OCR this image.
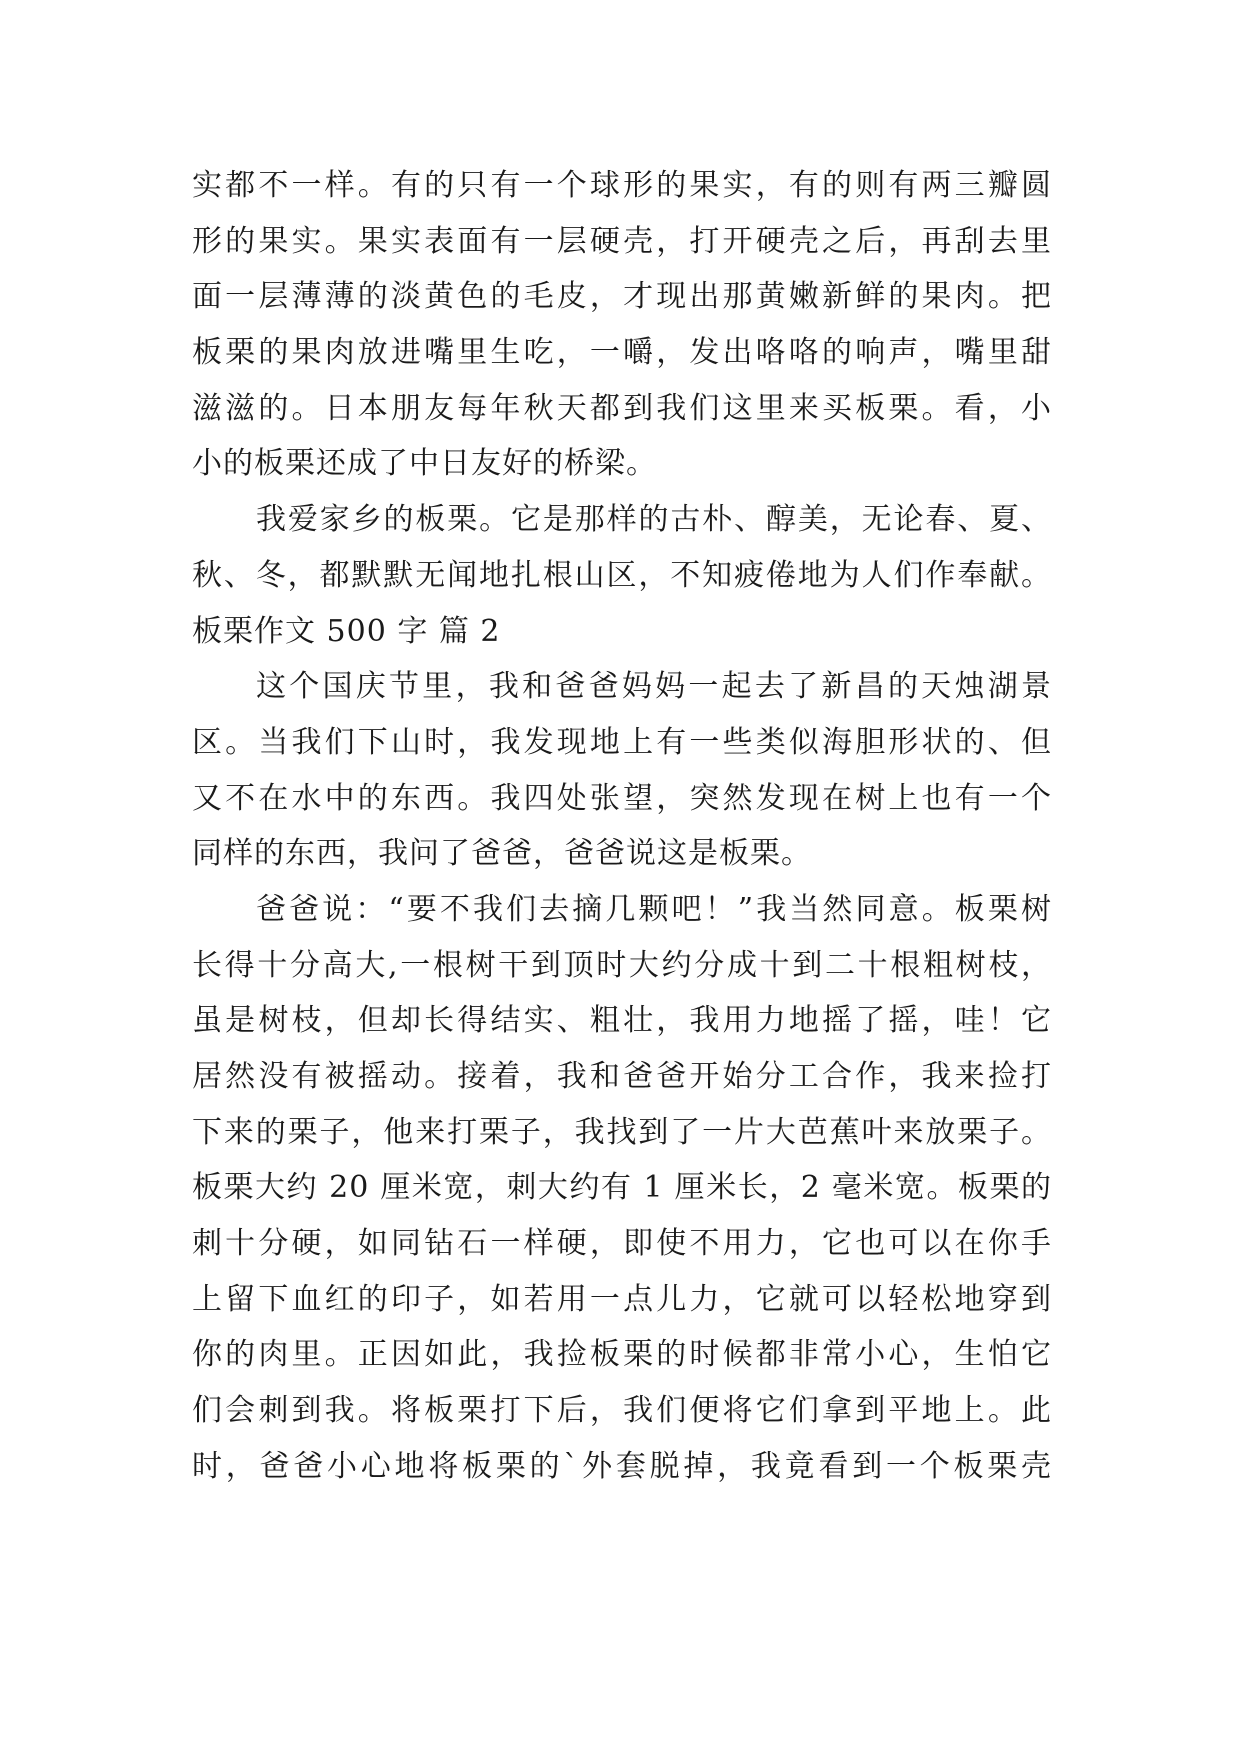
实都不一样。有的只有一个球形的果实，有的则有两三瓣圆
形的果实。果实表面有一层硬壳，打开硬壳之后，再刮去里
面一层薄薄的淡黄色的毛皮，才现出那黄嫩新鲜的果肉。把
板栗的果肉放进嘴里生吃，一嚼，发出咯咯的响声，嘴里甜
滋滋的。日本朋友每年秋天都到我们这里来买板栗。看，小
小的板栗还成了中日友好的桥梁。
我爱家乡的板栗。它是那样的古朴、醇美，无论春、夏、
秋、冬，都默默无闻地扎根山区，不知疲倦地为人们作奉献。
板栗作文 500 字 篇 2
这个国庆节里，我和爸爸妈妈一起去了新昌的天烛湖景
区。当我们下山时，我发现地上有一些类似海胆形状的、但
又不在水中的东西。我四处张望，突然发现在树上也有一个
同样的东西，我问了爸爸，爸爸说这是板栗。
爸爸说：“要不我们去摘几颗吧！”我当然同意。板栗树
长得十分高大,一根树干到顶时大约分成十到二十根粗树枝，
虽是树枝，但却长得结实、粗壮，我用力地摇了摇，哇！它
居然没有被摇动。接着，我和爸爸开始分工合作，我来捡打
下来的栗子，他来打栗子，我找到了一片大芭蕉叶来放栗子。
板栗大约 20 厘米宽，刺大约有 1 厘米长，2 毫米宽。板栗的
刺十分硬，如同钻石一样硬，即使不用力，它也可以在你手
上留下血红的印子，如若用一点儿力，它就可以轻松地穿到
你的肉里。正因如此，我捡板栗的时候都非常小心，生怕它
们会刺到我。将板栗打下后，我们便将它们拿到平地上。此
时，爸爸小心地将板栗的`外套脱掉，我竟看到一个板栗壳
